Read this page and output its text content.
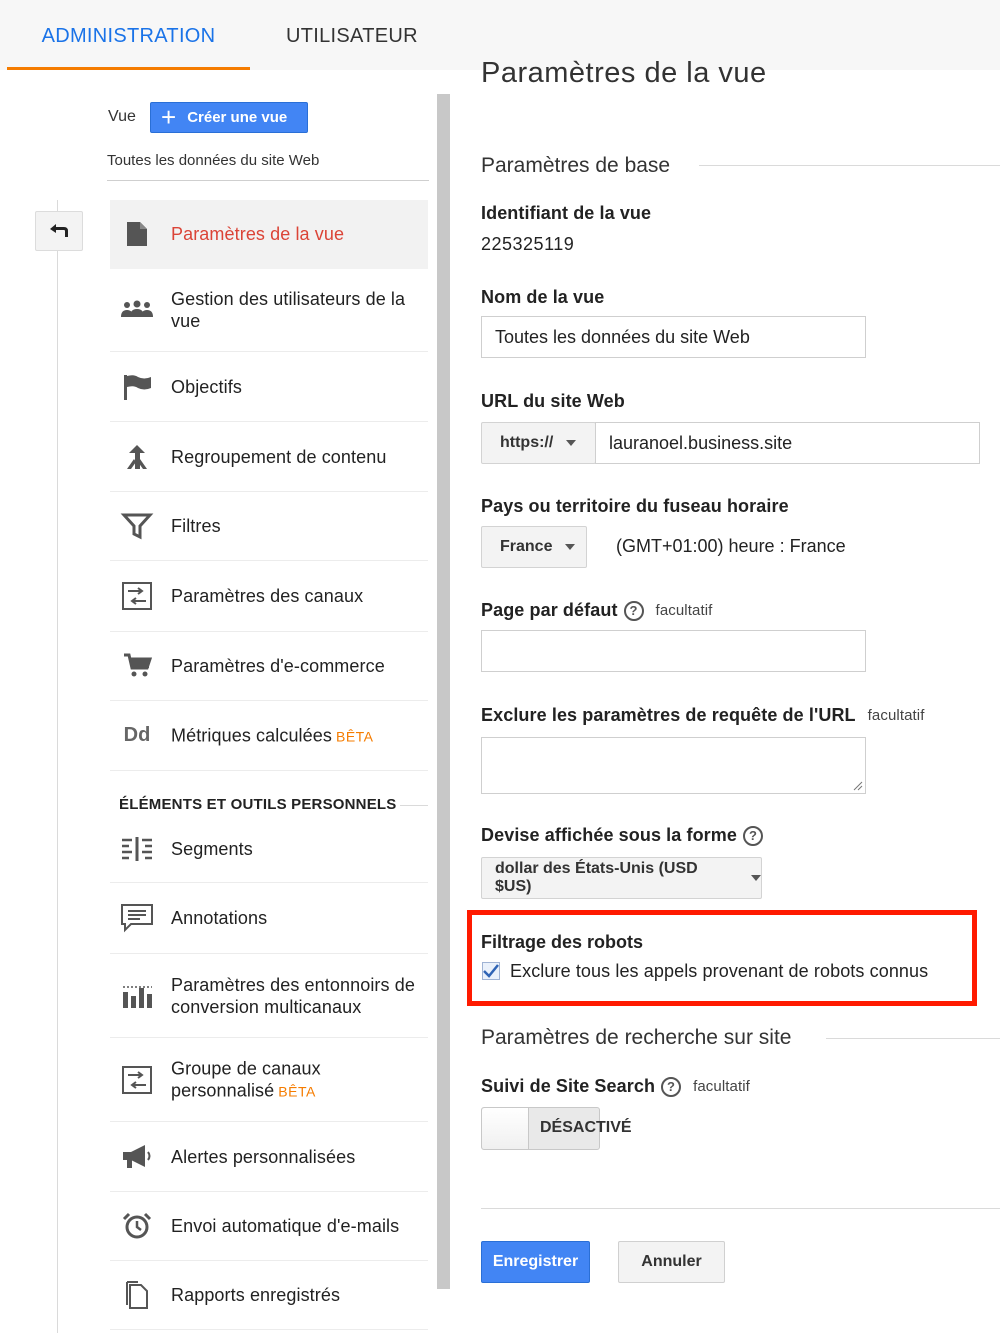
ADMINISTRATION	UTILISATEUR
Vue + Créer une vue
Toutes les données du site Web
Paramètres de la vue
Gestion des utilisateurs de la vue
Objectifs
Regroupement de contenu
Filtres
Paramètres des canaux
Paramètres d'e-commerce
Dd Métriques calculées BÊTA
ÉLÉMENTS ET OUTILS PERSONNELS
Segments
Annotations
Paramètres des entonnoirs de conversion multicanaux
Groupe de canaux personnalisé BÊTA
Alertes personnalisées
Envoi automatique d'e-mails
Rapports enregistrés
Paramètres de la vue
Paramètres de base
Identifiant de la vue
225325119
Nom de la vue
Toutes les données du site Web
URL du site Web
https://	lauranoel.business.site
Pays ou territoire du fuseau horaire
France	(GMT+01:00) heure : France
Page par défaut ?	facultatif
Exclure les paramètres de requête de l'URL facultatif
Devise affichée sous la forme ?
dollar des États-Unis (USD $US)
Filtrage des robots
Exclure tous les appels provenant de robots connus
Paramètres de recherche sur site
Suivi de Site Search ?	facultatif
DÉSACTIVÉ
Enregistrer	Annuler
